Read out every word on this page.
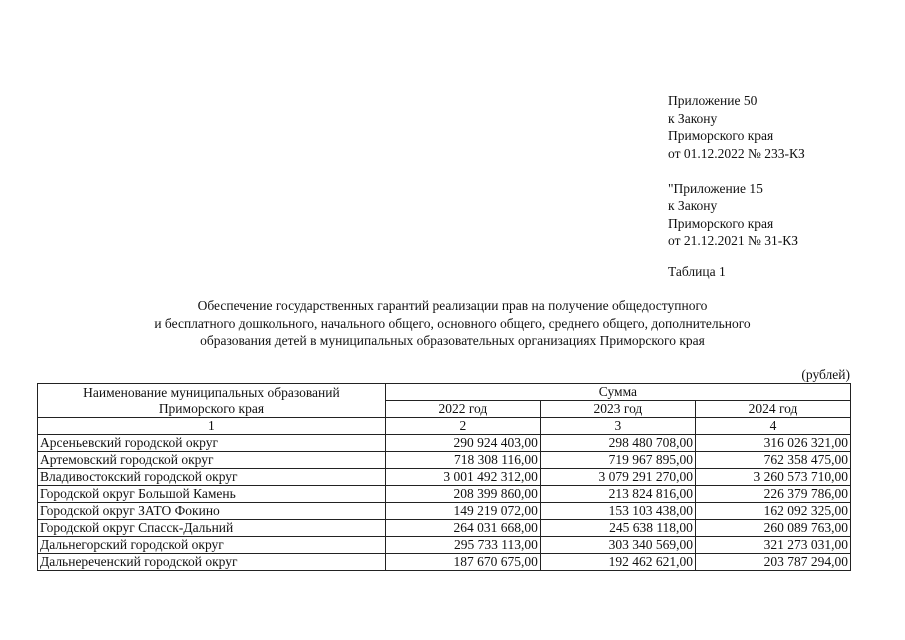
Приложение 50
к Закону
Приморского края
от 01.12.2022 № 233-КЗ
"Приложение 15
к Закону
Приморского края
от 21.12.2021 № 31-КЗ
Таблица 1
Обеспечение государственных гарантий реализации прав на получение общедоступного
и бесплатного дошкольного, начального общего, основного общего, среднего общего, дополнительного
образования детей в муниципальных образовательных организациях Приморского края
(рублей)
Наименование муниципальных образований
Приморского края	Сумма		
	2022 год	2023 год	2024 год
1	2	3	4
Арсеньевский городской округ	290 924 403,00	298 480 708,00	316 026 321,00
Артемовский городской округ	718 308 116,00	719 967 895,00	762 358 475,00
Владивостокский городской округ	3 001 492 312,00	3 079 291 270,00	3 260 573 710,00
Городской округ Большой Камень	208 399 860,00	213 824 816,00	226 379 786,00
Городской округ ЗАТО Фокино	149 219 072,00	153 103 438,00	162 092 325,00
Городской округ Спасск-Дальний	264 031 668,00	245 638 118,00	260 089 763,00
Дальнегорский городской округ	295 733 113,00	303 340 569,00	321 273 031,00
Дальнереченский городской округ	187 670 675,00	192 462 621,00	203 787 294,00
